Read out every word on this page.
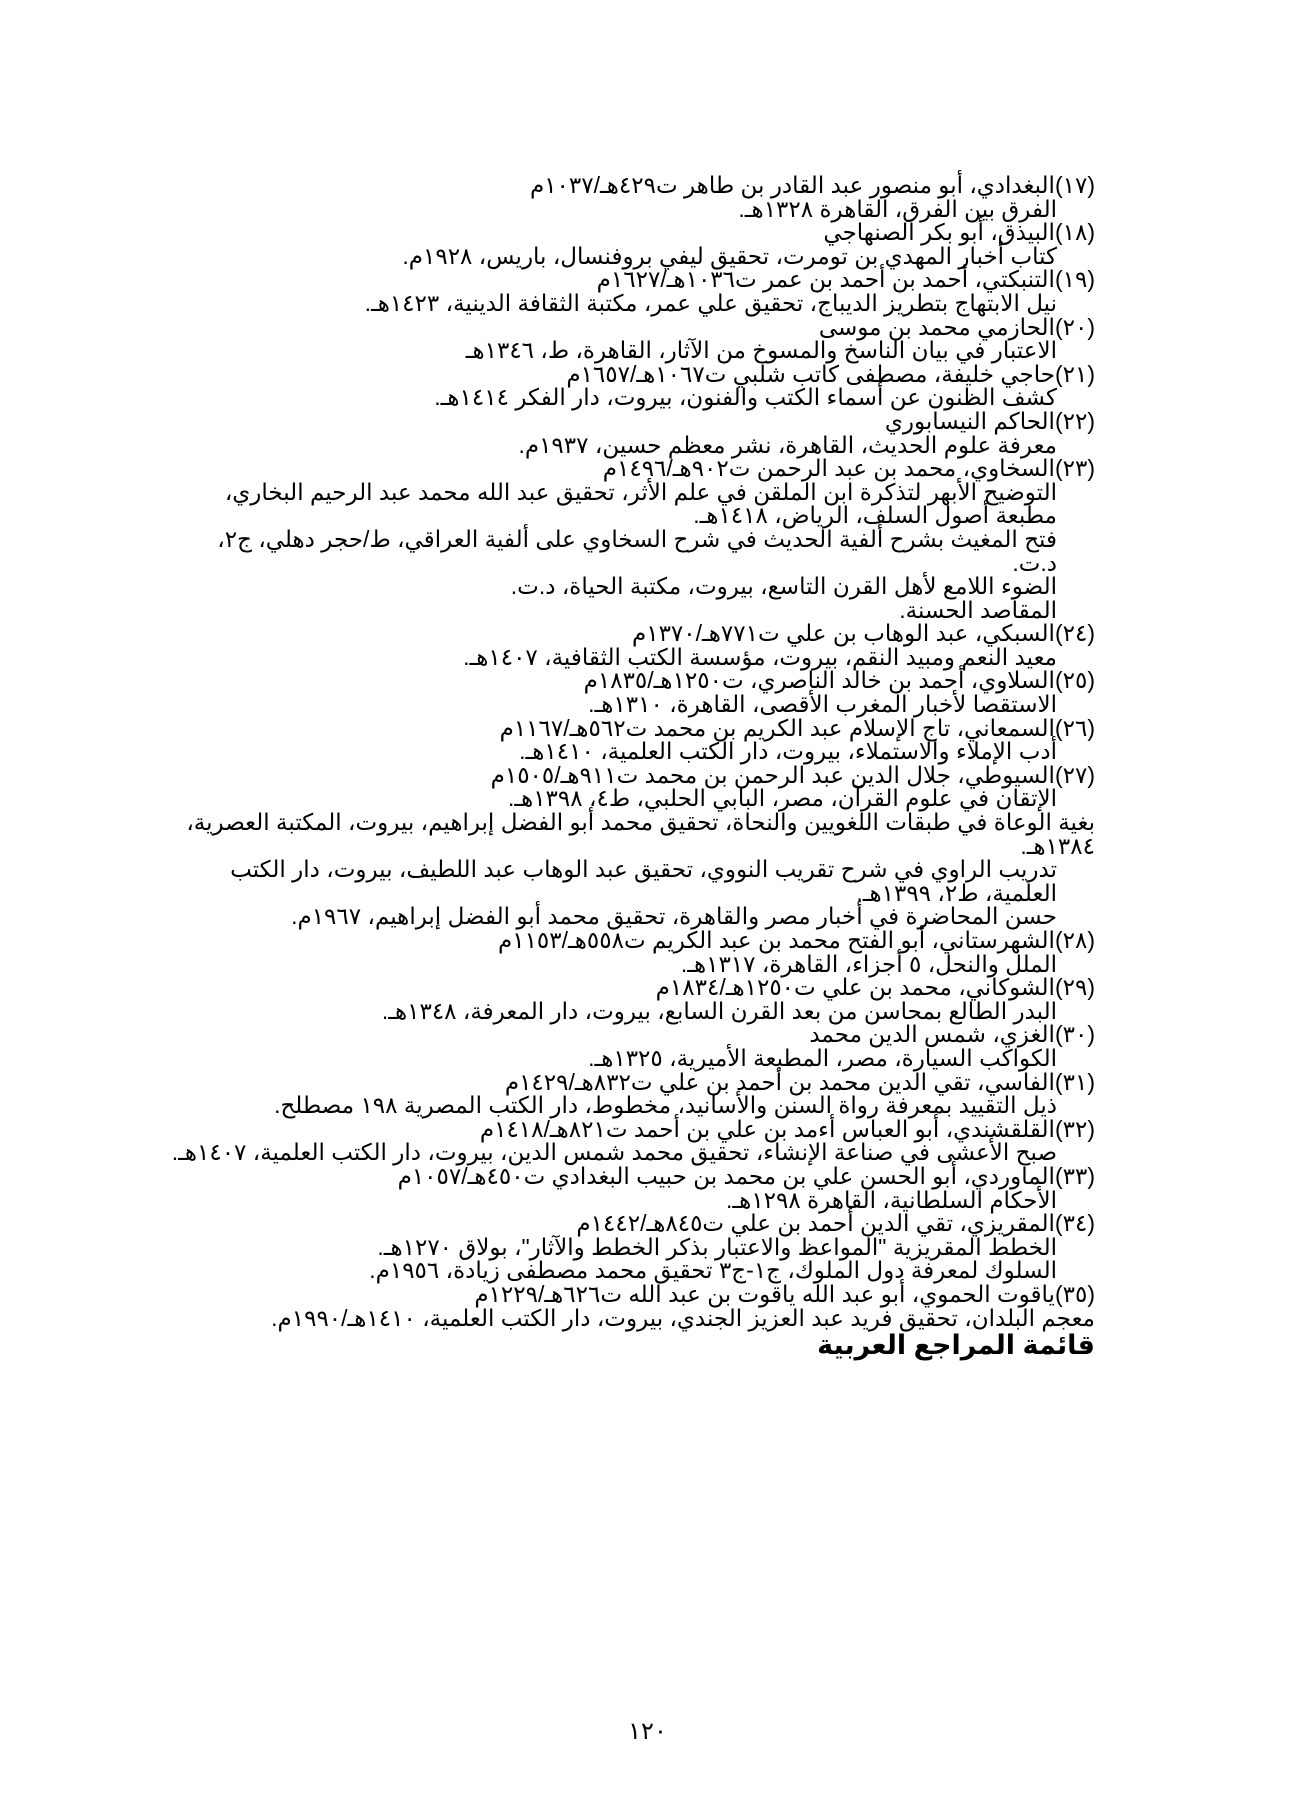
(١٧)البغدادي، أبو منصور عبد القادر بن طاهر ت٤٢٩هـ/١٠٣٧م

الفرق بين الفرق، القاهرة ١٣٢٨هـ.

(١٨)البيذق، أبو بكر الصنهاجي

كتاب أخبار المهدي بن تومرت، تحقيق ليفي بروفنسال، باريس، ١٩٢٨م.

(١٩)التنبكتي، أحمد بن أحمد بن عمر ت١٠٣٦هـ/١٦٢٧م

نيل الابتهاج بتطريز الديباج، تحقيق علي عمر، مكتبة الثقافة الدينية، ١٤٢٣هـ.

(٢٠)الحازمي محمد بن موسى

الاعتبار في بيان الناسخ والمسوخ من الآثار، القاهرة، ط، ١٣٤٦هـ

(٢١)حاجي خليفة، مصطفى كاتب شلبي ت١٠٦٧هـ/١٦٥٧م

كشف الظنون عن أسماء الكتب والفنون، بيروت، دار الفكر ١٤١٤هـ.

(٢٢)الحاكم النيسابوري

معرفة علوم الحديث، القاهرة، نشر معظم حسين، ١٩٣٧م.

(٢٣)السخاوي، محمد بن عبد الرحمن ت٩٠٢هـ/١٤٩٦م

التوضيح الأبهر لتذكرة ابن الملقن في علم الأثر، تحقيق عبد الله محمد عبد الرحيم البخاري، مطبعة أصول السلف، الرياض، ١٤١٨هـ.

فتح المغيث بشرح ألفية الحديث في شرح السخاوي على ألفية العراقي، ط/حجر دهلي، ج٢، د.ت.

الضوء اللامع لأهل القرن التاسع، بيروت، مكتبة الحياة، د.ت.

المقاصد الحسنة.

(٢٤)السبكي، عبد الوهاب بن علي ت٧٧١هـ/١٣٧٠م

معيد النعم ومبيد النقم، بيروت، مؤسسة الكتب الثقافية، ١٤٠٧هـ.

(٢٥)السلاوي، أحمد بن خالد الناصري، ت١٢٥٠هـ/١٨٣٥م

الاستقصا لأخبار المغرب الأقصى، القاهرة، ١٣١٠هـ.

(٢٦)السمعاني، تاج الإسلام عبد الكريم بن محمد ت٥٦٢هـ/١١٦٧م

أدب الإملاء والاستملاء، بيروت، دار الكتب العلمية، ١٤١٠هـ.

(٢٧)السيوطي، جلال الدين عبد الرحمن بن محمد ت٩١١هـ/١٥٠٥م

الإتقان في علوم القرآن، مصر، البابي الحلبي، ط٤، ١٣٩٨هـ.

بغية الوعاة في طبقات اللغويين والنحاة، تحقيق محمد أبو الفضل إبراهيم، بيروت، المكتبة العصرية، ١٣٨٤هـ.

تدريب الراوي في شرح تقريب النووي، تحقيق عبد الوهاب عبد اللطيف، بيروت، دار الكتب العلمية، ط٢، ١٣٩٩هـ.

حسن المحاضرة في أخبار مصر والقاهرة، تحقيق محمد أبو الفضل إبراهيم، ١٩٦٧م.

(٢٨)الشهرستاني، أبو الفتح محمد بن عبد الكريم ت٥٥٨هـ/١١٥٣م

الملل والنحل، ٥ أجزاء، القاهرة، ١٣١٧هـ.

(٢٩)الشوكاني، محمد بن علي ت١٢٥٠هـ/١٨٣٤م

البدر الطالع بمحاسن من بعد القرن السابع، بيروت، دار المعرفة، ١٣٤٨هـ.

(٣٠)الغزي، شمس الدين محمد

الكواكب السيارة، مصر، المطبعة الأميرية، ١٣٢٥هـ.

(٣١)الفاسي، تقي الدين محمد بن أحمد بن علي ت٨٣٢هـ/١٤٢٩م

ذيل التقييد بمعرفة رواة السنن والأسانيد، مخطوط، دار الكتب المصرية ١٩٨ مصطلح.

(٣٢)القلقشندي، أبو العباس أءمد بن علي بن أحمد ت٨٢١هـ/١٤١٨م

صبح الأعشى في صناعة الإنشاء، تحقيق محمد شمس الدين، بيروت، دار الكتب العلمية، ١٤٠٧هـ.

(٣٣)الماوردي، أبو الحسن علي بن محمد بن حبيب البغدادي ت٤٥٠هـ/١٠٥٧م

الأحكام السلطانية، القاهرة ١٢٩٨هـ.

(٣٤)المقريزي، تقي الدين أحمد بن علي ت٨٤٥هـ/١٤٤٢م

الخطط المقريزية "المواعظ والاعتبار بذكر الخطط والآثار"، بولاق ١٢٧٠هـ.

السلوك لمعرفة دول الملوك، ج١-ج٣ تحقيق محمد مصطفى زيادة، ١٩٥٦م.

(٣٥)ياقوت الحموي، أبو عبد الله ياقوت بن عبد الله ت٦٢٦هـ/١٢٢٩م

معجم البلدان، تحقيق فريد عبد العزيز الجندي، بيروت، دار الكتب العلمية، ١٤١٠هـ/١٩٩٠م.

قائمة المراجع العربية
١٢٠
